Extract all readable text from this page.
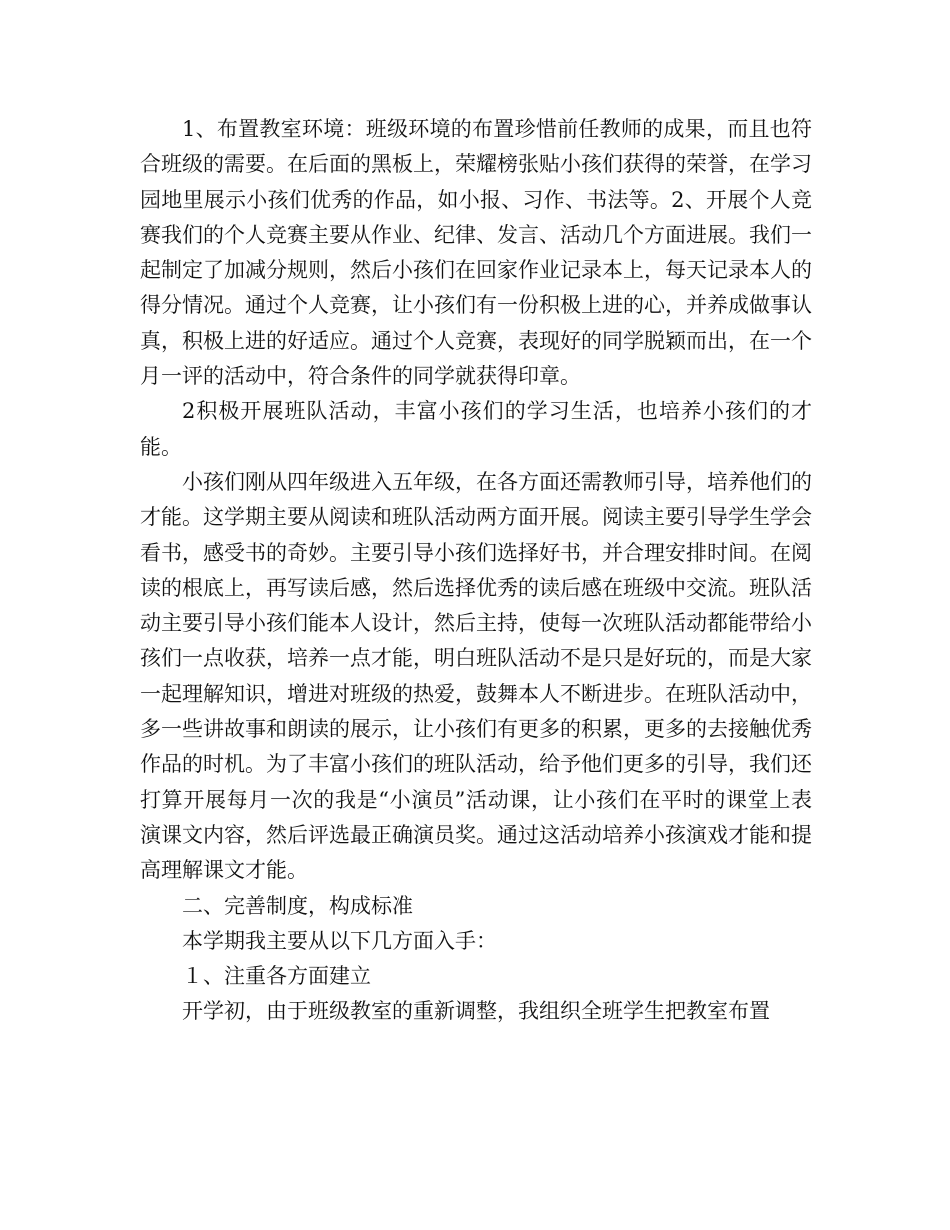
1、布置教室环境：班级环境的布置珍惜前任教师的成果，而且也符合班级的需要。在后面的黑板上，荣耀榜张贴小孩们获得的荣誉，在学习园地里展示小孩们优秀的作品，如小报、习作、书法等。2、开展个人竞赛我们的个人竞赛主要从作业、纪律、发言、活动几个方面进展。我们一起制定了加减分规则，然后小孩们在回家作业记录本上，每天记录本人的得分情况。通过个人竞赛，让小孩们有一份积极上进的心，并养成做事认真，积极上进的好适应。通过个人竞赛，表现好的同学脱颖而出，在一个月一评的活动中，符合条件的同学就获得印章。

2积极开展班队活动，丰富小孩们的学习生活，也培养小孩们的才能。

小孩们刚从四年级进入五年级，在各方面还需教师引导，培养他们的才能。这学期主要从阅读和班队活动两方面开展。阅读主要引导学生学会看书，感受书的奇妙。主要引导小孩们选择好书，并合理安排时间。在阅读的根底上，再写读后感，然后选择优秀的读后感在班级中交流。班队活动主要引导小孩们能本人设计，然后主持，使每一次班队活动都能带给小孩们一点收获，培养一点才能，明白班队活动不是只是好玩的，而是大家一起理解知识，增进对班级的热爱，鼓舞本人不断进步。在班队活动中，多一些讲故事和朗读的展示，让小孩们有更多的积累，更多的去接触优秀作品的时机。为了丰富小孩们的班队活动，给予他们更多的引导，我们还打算开展每月一次的我是“小演员”活动课，让小孩们在平时的课堂上表演课文内容，然后评选最正确演员奖。通过这活动培养小孩演戏才能和提高理解课文才能。

二、完善制度，构成标准

本学期我主要从以下几方面入手：

１、注重各方面建立

开学初，由于班级教室的重新调整，我组织全班学生把教室布置
